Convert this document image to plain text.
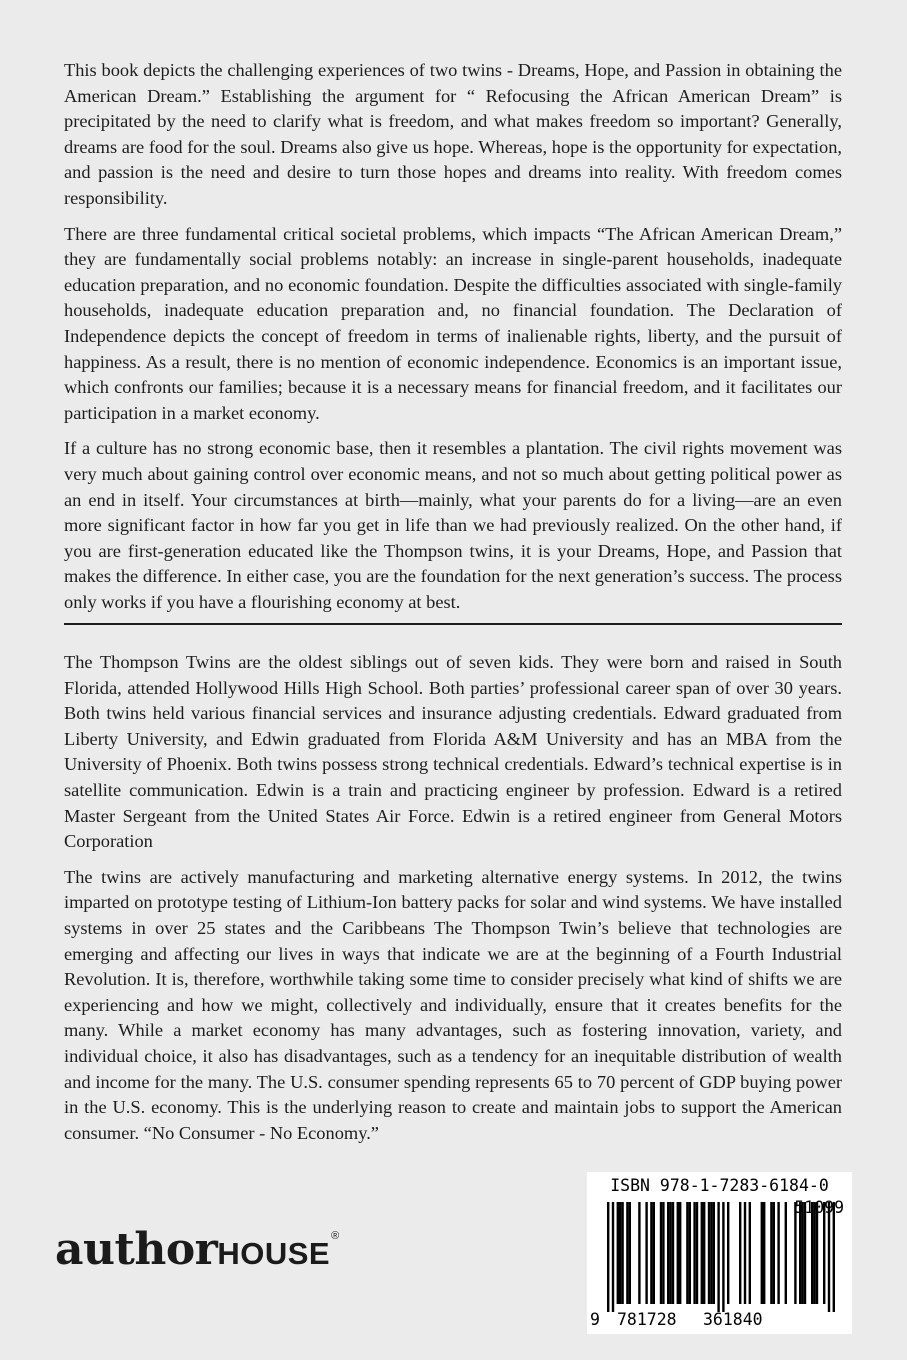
This book depicts the challenging experiences of two twins - Dreams, Hope, and Passion in obtaining the American Dream.” Establishing the argument for “ Refocusing the African American Dream” is precipitated by the need to clarify what is freedom, and what makes freedom so important? Generally, dreams are food for the soul. Dreams also give us hope. Whereas, hope is the opportunity for expectation, and passion is the need and desire to turn those hopes and dreams into reality. With freedom comes responsibility.

There are three fundamental critical societal problems, which impacts “The African American Dream,” they are fundamentally social problems notably: an increase in single-parent households, inadequate education preparation, and no economic foundation. Despite the difficulties associated with single-family households, inadequate education preparation and, no financial foundation. The Declaration of Independence depicts the concept of freedom in terms of inalienable rights, liberty, and the pursuit of happiness. As a result, there is no mention of economic independence. Economics is an important issue, which confronts our families; because it is a necessary means for financial freedom, and it facilitates our participation in a market economy.

If a culture has no strong economic base, then it resembles a plantation. The civil rights movement was very much about gaining control over economic means, and not so much about getting political power as an end in itself. Your circumstances at birth—mainly, what your parents do for a living—are an even more significant factor in how far you get in life than we had previously realized. On the other hand, if you are first-generation educated like the Thompson twins, it is your Dreams, Hope, and Passion that makes the difference. In either case, you are the foundation for the next generation’s success. The process only works if you have a flourishing economy at best.

The Thompson Twins are the oldest siblings out of seven kids. They were born and raised in South Florida, attended Hollywood Hills High School. Both parties’ professional career span of over 30 years. Both twins held various financial services and insurance adjusting credentials. Edward graduated from Liberty University, and Edwin graduated from Florida A&M University and has an MBA from the University of Phoenix. Both twins possess strong technical credentials. Edward’s technical expertise is in satellite communication. Edwin is a train and practicing engineer by profession. Edward is a retired Master Sergeant from the United States Air Force. Edwin is a retired engineer from General Motors Corporation

The twins are actively manufacturing and marketing alternative energy systems. In 2012, the twins imparted on prototype testing of Lithium-Ion battery packs for solar and wind systems. We have installed systems in over 25 states and the Caribbeans The Thompson Twin’s believe that technologies are emerging and affecting our lives in ways that indicate we are at the beginning of a Fourth Industrial Revolution. It is, therefore, worthwhile taking some time to consider precisely what kind of shifts we are experiencing and how we might, collectively and individually, ensure that it creates benefits for the many. While a market economy has many advantages, such as fostering innovation, variety, and individual choice, it also has disadvantages, such as a tendency for an inequitable distribution of wealth and income for the many. The U.S. consumer spending represents 65 to 70 percent of GDP buying power in the U.S. economy. This is the underlying reason to create and maintain jobs to support the American consumer. “No Consumer - No Economy.”

authorHOUSE®
ISBN 978-1-7283-6184-0
51099
9 781728 361840
